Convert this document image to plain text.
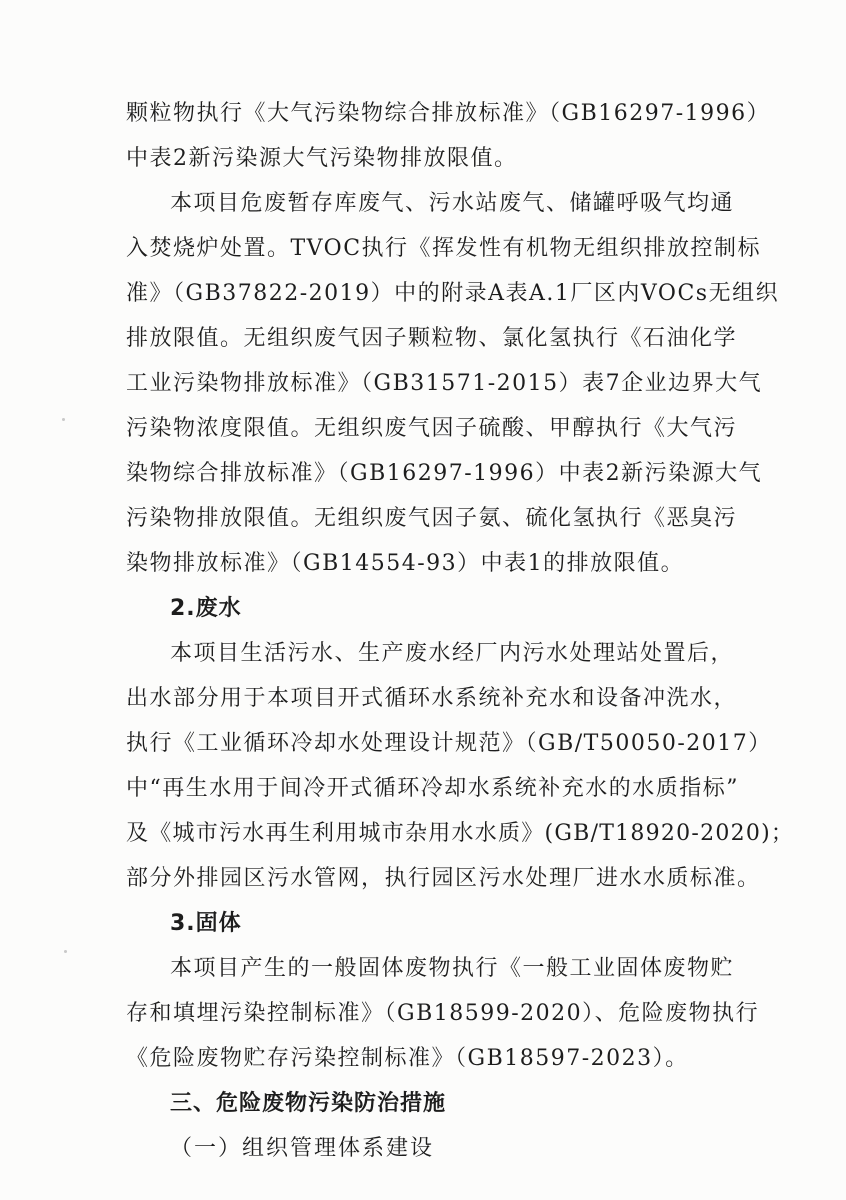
颗粒物执行《大气污染物综合排放标准》（GB16297-1996）
中表2新污染源大气污染物排放限值。
本项目危废暂存库废气、污水站废气、储罐呼吸气均通
入焚烧炉处置。TVOC执行《挥发性有机物无组织排放控制标
准》（GB37822-2019）中的附录A表A.1厂区内VOCs无组织
排放限值。无组织废气因子颗粒物、氯化氢执行《石油化学
工业污染物排放标准》（GB31571-2015）表7企业边界大气
污染物浓度限值。无组织废气因子硫酸、甲醇执行《大气污
染物综合排放标准》（GB16297-1996）中表2新污染源大气
污染物排放限值。无组织废气因子氨、硫化氢执行《恶臭污
染物排放标准》（GB14554-93）中表1的排放限值。
2.废水
本项目生活污水、生产废水经厂内污水处理站处置后，
出水部分用于本项目开式循环水系统补充水和设备冲洗水，
执行《工业循环冷却水处理设计规范》（GB/T50050-2017）
中“再生水用于间冷开式循环冷却水系统补充水的水质指标”
及《城市污水再生利用城市杂用水水质》(GB/T18920-2020)；
部分外排园区污水管网，执行园区污水处理厂进水水质标准。
3.固体
本项目产生的一般固体废物执行《一般工业固体废物贮
存和填埋污染控制标准》（GB18599-2020）、危险废物执行
《危险废物贮存污染控制标准》（GB18597-2023）。
三、危险废物污染防治措施
（一）组织管理体系建设
